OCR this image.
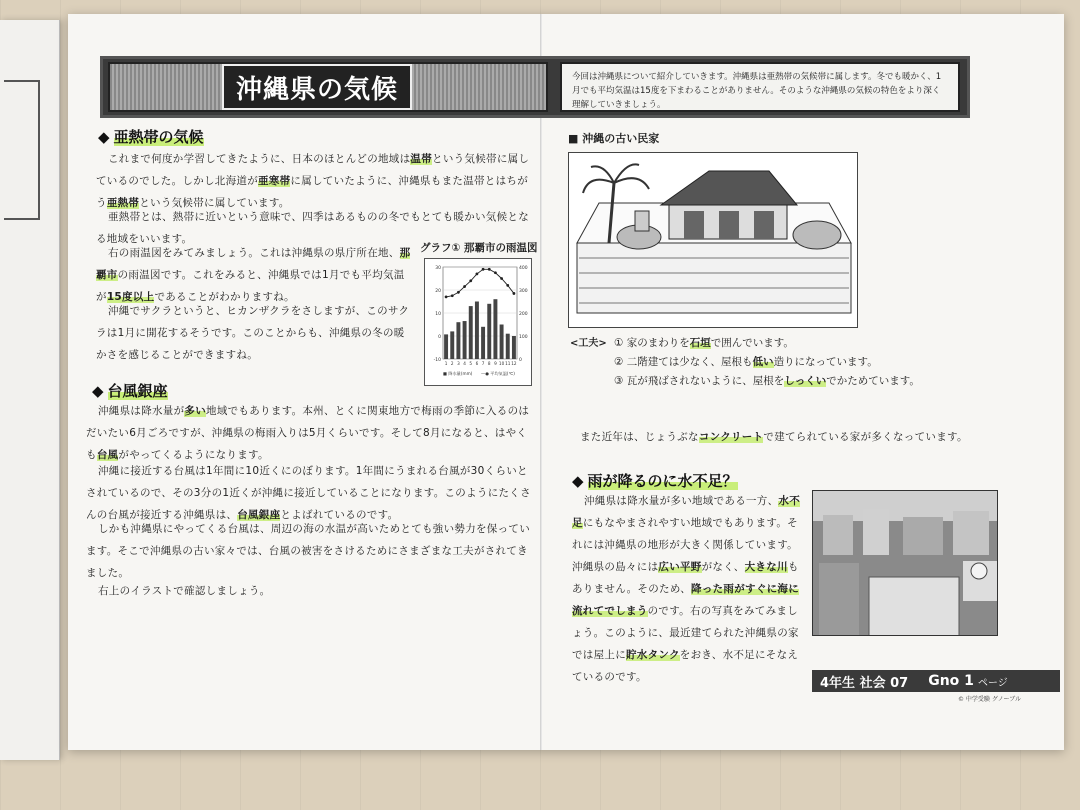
沖縄県の気候	今回は沖縄県について紹介していきます。沖縄県は亜熱帯の気候帯に属します。冬でも暖かく、1月でも平均気温は15度を下まわることがありません。そのような沖縄県の気候の特色をより深く理解していきましょう。
◆ 亜熱帯の気候
これまで何度か学習してきたように、日本のほとんどの地域は温帯という気候帯に属しているのでした。しかし北海道が亜寒帯に属していたように、沖縄県もまた温帯とはちがう亜熱帯という気候帯に属しています。
亜熱帯とは、熱帯に近いという意味で、四季はあるものの冬でもとても暖かい気候となる地域をいいます。
右の雨温図をみてみましょう。これは沖縄県の県庁所在地、那覇市の雨温図です。これをみると、沖縄県では1月でも平均気温が15度以上であることがわかりますね。
沖縄でサクラというと、ヒカンザクラをさしますが、このサクラは1月に開花するそうです。このことからも、沖縄県の冬の暖かさを感じることができますね。
グラフ① 那覇市の雨温図
30	400
20	300
10	200
0	100
-10	0
1 2 3 4 5 6 7 8 9 10 11 12
■ 降水量(mm) —● 平均気温(℃)
◆ 台風銀座
沖縄県は降水量が多い地域でもあります。本州、とくに関東地方で梅雨の季節に入るのはだいたい6月ごろですが、沖縄県の梅雨入りは5月くらいです。そして8月になると、はやくも台風がやってくるようになります。
沖縄に接近する台風は1年間に10近くにのぼります。1年間にうまれる台風が30くらいとされているので、その3分の1近くが沖縄に接近していることになります。このようにたくさんの台風が接近する沖縄県は、台風銀座とよばれているのです。
しかも沖縄県にやってくる台風は、周辺の海の水温が高いためとても強い勢力を保っています。そこで沖縄県の古い家々では、台風の被害をさけるためにさまざまな工夫がされてきました。
右上のイラストで確認しましょう。
■ 沖縄の古い民家
<工夫> ① 家のまわりを石垣で囲んでいます。
② 二階建ては少なく、屋根も低い造りになっています。
③ 瓦が飛ばされないように、屋根をしっくいでかためています。
また近年は、じょうぶなコンクリートで建てられている家が多くなっています。
◆ 雨が降るのに水不足？
沖縄県は降水量が多い地域である一方、水不足にもなやまされやすい地域でもあります。それには沖縄県の地形が大きく関係しています。沖縄県の島々には広い平野がなく、大きな川もありません。そのため、降った雨がすぐに海に流れてでしまうのです。右の写真をみてみましょう。このように、最近建てられた沖縄県の家では屋上に貯水タンクをおき、水不足にそなえているのです。	4年生 社会 07 Gno 1 ページ
© 中学受験 グノーブル
